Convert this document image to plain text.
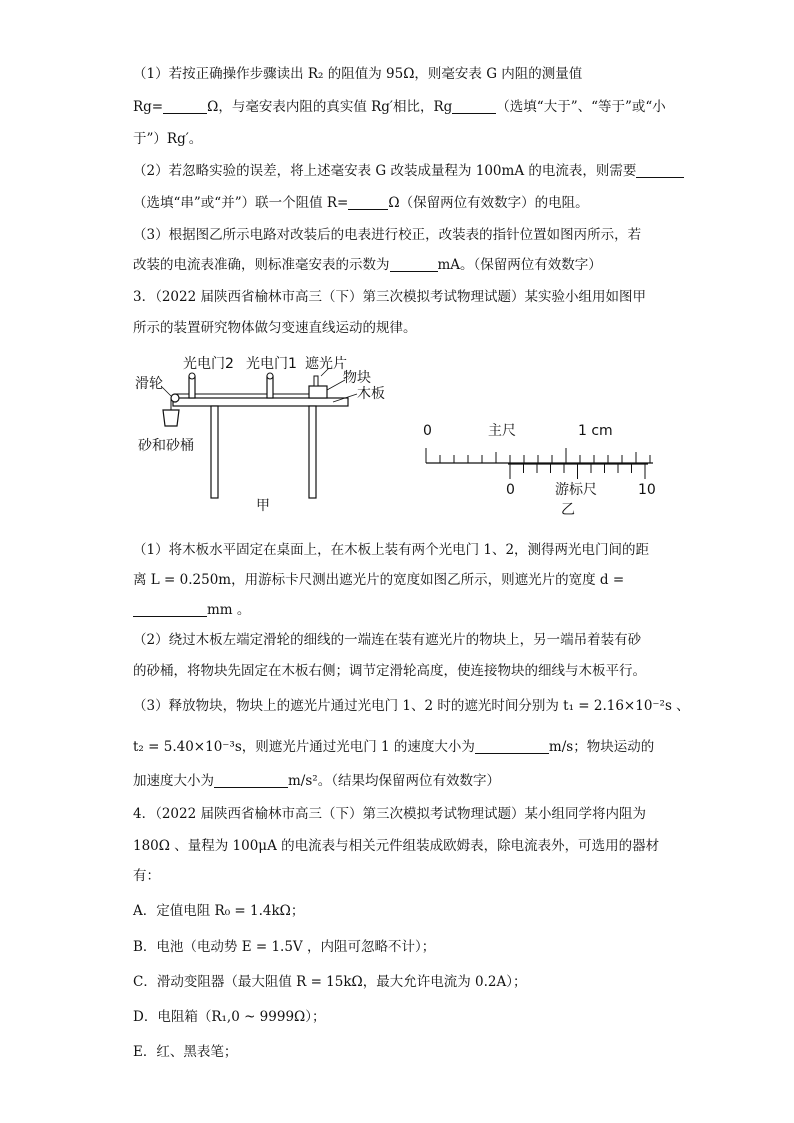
（1）若按正确操作步骤读出 R₂ 的阻值为 95Ω，则毫安表 G 内阻的测量值
Rg=	Ω，与毫安表内阻的真实值 Rg′相比，Rg	（选填“大于”、“等于”或“小
于”）Rg′。
（2）若忽略实验的误差，将上述毫安表 G 改装成量程为 100mA 的电流表，则需要
（选填“串”或“并”）联一个阻值 R=	Ω（保留两位有效数字）的电阻。
（3）根据图乙所示电路对改装后的电表进行校正，改装表的指针位置如图丙所示，若
改装的电流表准确，则标准毫安表的示数为	mA。（保留两位有效数字）
3．（2022 届陕西省榆林市高三（下）第三次模拟考试物理试题）某实验小组用如图甲
所示的装置研究物体做匀变速直线运动的规律。
光电门2 光电门1 遮光片
物块
木板
滑轮
砂和砂桶
甲
0	主尺	1 cm
0	游标尺	10
乙
（1）将木板水平固定在桌面上，在木板上装有两个光电门 1、2，测得两光电门间的距
离 L = 0.250m，用游标卡尺测出遮光片的宽度如图乙所示，则遮光片的宽度 d =
mm 。
（2）绕过木板左端定滑轮的细线的一端连在装有遮光片的物块上，另一端吊着装有砂
的砂桶，将物块先固定在木板右侧；调节定滑轮高度，使连接物块的细线与木板平行。
（3）释放物块，物块上的遮光片通过光电门 1、2 时的遮光时间分别为 t₁ = 2.16×10⁻²s 、
t₂ = 5.40×10⁻³s，则遮光片通过光电门 1 的速度大小为	m/s；物块运动的
加速度大小为	m/s²。（结果均保留两位有效数字）
4．（2022 届陕西省榆林市高三（下）第三次模拟考试物理试题）某小组同学将内阻为
180Ω 、量程为 100μA 的电流表与相关元件组装成欧姆表，除电流表外，可选用的器材
有：
A．定值电阻 R₀ = 1.4kΩ；
B．电池（电动势 E = 1.5V ，内阻可忽略不计）；
C．滑动变阻器（最大阻值 R = 15kΩ，最大允许电流为 0.2A）；
D．电阻箱（R₁,0 ~ 9999Ω）；
E．红、黑表笔；
